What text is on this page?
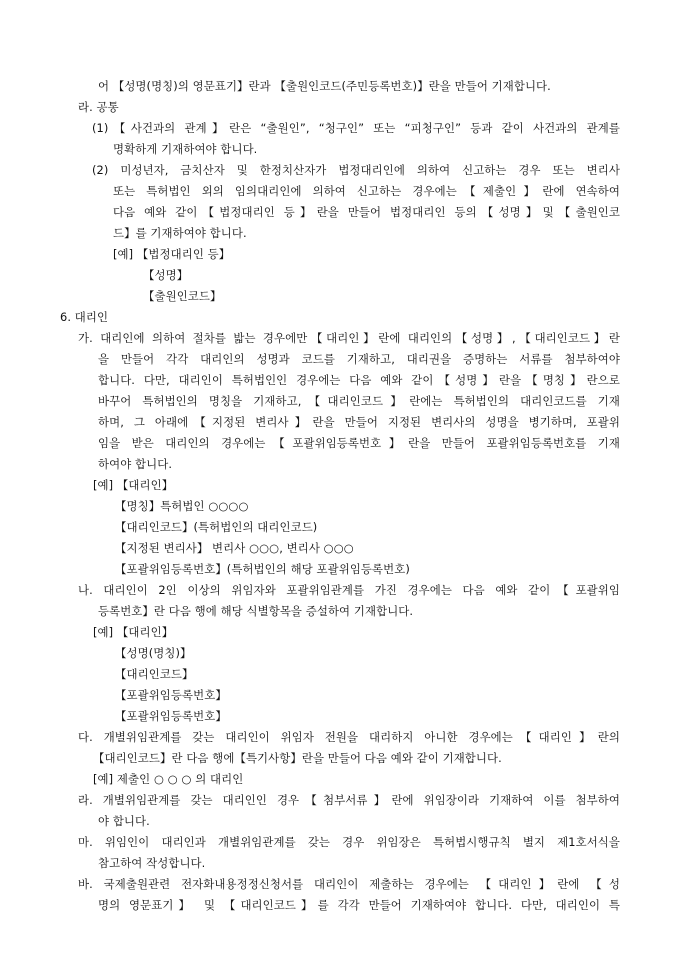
어 【성명(명칭)의 영문표기】란과 【출원인코드(주민등록번호)】란을 만들어 기재합니다.
라. 공통
(1)【사건과의 관계】란은 “출원인”, “청구인” 또는 “피청구인” 등과 같이 사건과의 관계를
명확하게 기재하여야 합니다.
(2) 미성년자, 금치산자 및 한정치산자가 법정대리인에 의하여 신고하는 경우 또는 변리사
또는 특허법인 외의 임의대리인에 의하여 신고하는 경우에는【제출인】란에 연속하여
다음 예와 같이【법정대리인 등】란을 만들어 법정대리인 등의【성명】및【출원인코
드】를 기재하여야 합니다.
[예] 【법정대리인 등】
【성명】
【출원인코드】
6. 대리인
가. 대리인에 의하여 절차를 밟는 경우에만【대리인】란에 대리인의【성명】,【대리인코드】란
을 만들어 각각 대리인의 성명과 코드를 기재하고, 대리권을 증명하는 서류를 첨부하여야
합니다. 다만, 대리인이 특허법인인 경우에는 다음 예와 같이【성명】란을【명칭】란으로
바꾸어 특허법인의 명칭을 기재하고,【대리인코드】란에는 특허법인의 대리인코드를 기재
하며, 그 아래에【지정된 변리사】란을 만들어 지정된 변리사의 성명을 병기하며, 포괄위
임을 받은 대리인의 경우에는【포괄위임등록번호】란을 만들어 포괄위임등록번호를 기재
하여야 합니다.
[예] 【대리인】
【명칭】특허법인 ○○○○
【대리인코드】(특허법인의 대리인코드)
【지정된 변리사】 변리사 ○○○, 변리사 ○○○
【포괄위임등록번호】(특허법인의 해당 포괄위임등록번호)
나. 대리인이 2인 이상의 위임자와 포괄위임관계를 가진 경우에는 다음 예와 같이【포괄위임
등록번호】란 다음 행에 해당 식별항목을 증설하여 기재합니다.
[예] 【대리인】
【성명(명칭)】
【대리인코드】
【포괄위임등록번호】
【포괄위임등록번호】
다. 개별위임관계를 갖는 대리인이 위임자 전원을 대리하지 아니한 경우에는【대리인】란의
【대리인코드】란 다음 행에【특기사항】란을 만들어 다음 예와 같이 기재합니다.
[예] 제출인 ○ ○ ○ 의 대리인
라. 개별위임관계를 갖는 대리인인 경우【첨부서류】란에 위임장이라 기재하여 이를 첨부하여
야 합니다.
마. 위임인이 대리인과 개별위임관계를 갖는 경우 위임장은 특허법시행규칙 별지 제1호서식을
참고하여 작성합니다.
바. 국제출원관련 전자화내용정정신청서를 대리인이 제출하는 경우에는 【대리인】란에 【성
명의 영문표기】 및 【대리인코드】를 각각 만들어 기재하여야 합니다. 다만, 대리인이 특
